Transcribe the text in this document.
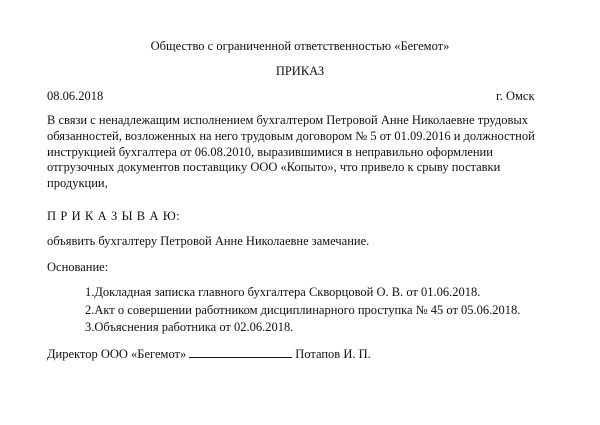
Общество с ограниченной ответственностью «Бегемот»
ПРИКАЗ
08.06.2018	г. Омск
В связи с ненадлежащим исполнением бухгалтером Петровой Анне Николаевне трудовых
обязанностей, возложенных на него трудовым договором № 5 от 01.09.2016 и должностной
инструкцией бухгалтера от 06.08.2010, выразившимися в неправильно оформлении
отгрузочных документов поставщику ООО «Копыто», что привело к срыву поставки
продукции,
П Р И К А З Ы В А Ю:
объявить бухгалтеру Петровой Анне Николаевне замечание.
Основание:
1.Докладная записка главного бухгалтера Скворцовой О. В. от 01.06.2018.
2.Акт о совершении работником дисциплинарного проступка № 45 от 05.06.2018.
3.Объяснения работника от 02.06.2018.
Директор ООО «Бегемот»	Потапов И. П.
